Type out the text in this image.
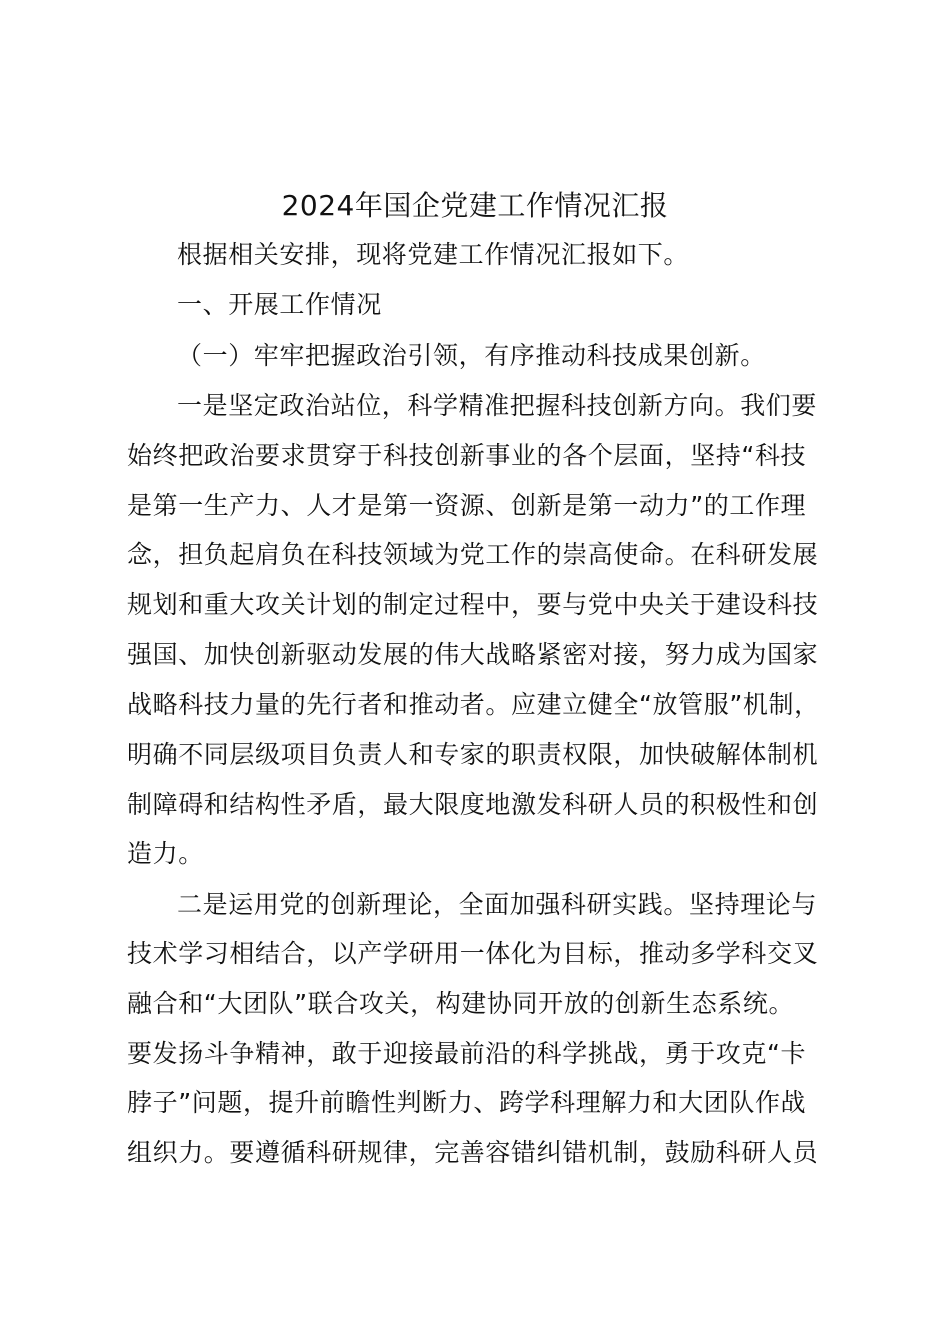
2024年国企党建工作情况汇报
根据相关安排，现将党建工作情况汇报如下。
一、开展工作情况
（一）牢牢把握政治引领，有序推动科技成果创新。
一是坚定政治站位，科学精准把握科技创新方向。我们要
始终把政治要求贯穿于科技创新事业的各个层面，坚持“科技
是第一生产力、人才是第一资源、创新是第一动力”的工作理
念，担负起肩负在科技领域为党工作的崇高使命。在科研发展
规划和重大攻关计划的制定过程中，要与党中央关于建设科技
强国、加快创新驱动发展的伟大战略紧密对接，努力成为国家
战略科技力量的先行者和推动者。应建立健全“放管服”机制，
明确不同层级项目负责人和专家的职责权限，加快破解体制机
制障碍和结构性矛盾，最大限度地激发科研人员的积极性和创
造力。
二是运用党的创新理论，全面加强科研实践。坚持理论与
技术学习相结合，以产学研用一体化为目标，推动多学科交叉
融合和“大团队”联合攻关，构建协同开放的创新生态系统。
要发扬斗争精神，敢于迎接最前沿的科学挑战，勇于攻克“卡
脖子”问题，提升前瞻性判断力、跨学科理解力和大团队作战
组织力。要遵循科研规律，完善容错纠错机制，鼓励科研人员
